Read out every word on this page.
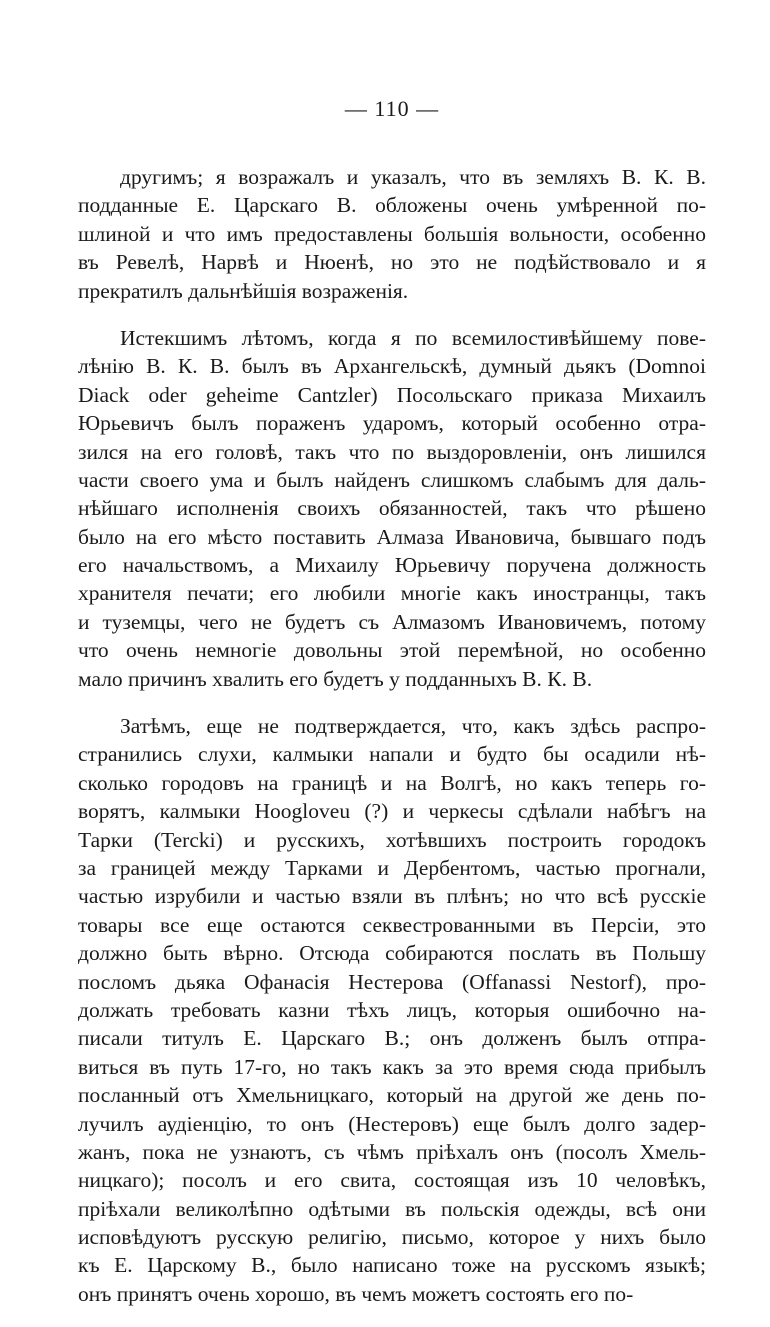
— 110 —
другимъ; я возражалъ и указалъ, что въ земляхъ В. К. В.
подданные Е. Царскаго В. обложены очень умѣренной по-
шлиной и что имъ предоставлены большія вольности, особенно
въ Ревелѣ, Нарвѣ и Нюенѣ, но это не подѣйствовало и я
прекратилъ дальнѣйшія возраженія.
Истекшимъ лѣтомъ, когда я по всемилостивѣйшему пове-
лѣнію В. К. В. былъ въ Архангельскѣ, думный дьякъ (Domnoi
Diack oder geheime Cantzler) Посольскаго приказа Михаилъ
Юрьевичъ былъ пораженъ ударомъ, который особенно отра-
зился на его головѣ, такъ что по выздоровленіи, онъ лишился
части своего ума и былъ найденъ слишкомъ слабымъ для даль-
нѣйшаго исполненія своихъ обязанностей, такъ что рѣшено
было на его мѣсто поставить Алмаза Ивановича, бывшаго подъ
его начальствомъ, а Михаилу Юрьевичу поручена должность
хранителя печати; его любили многіе какъ иностранцы, такъ
и туземцы, чего не будетъ съ Алмазомъ Ивановичемъ, потому
что очень немногіе довольны этой перемѣной, но особенно
мало причинъ хвалить его будетъ у подданныхъ В. К. В.
Затѣмъ, еще не подтверждается, что, какъ здѣсь распро-
странились слухи, калмыки напали и будто бы осадили нѣ-
сколько городовъ на границѣ и на Волгѣ, но какъ теперь го-
ворятъ, калмыки Hoogloveu (?) и черкесы сдѣлали набѣгъ на
Тарки (Tercki) и русскихъ, хотѣвшихъ построить городокъ
за границей между Тарками и Дербентомъ, частью прогнали,
частью изрубили и частью взяли въ плѣнъ; но что всѣ русскіе
товары все еще остаются секвестрованными въ Персіи, это
должно быть вѣрно. Отсюда собираются послать въ Польшу
посломъ дьяка Офанасія Нестерова (Offanassi Nestorf), про-
должать требовать казни тѣхъ лицъ, которыя ошибочно на-
писали титулъ Е. Царскаго В.; онъ долженъ былъ отпра-
виться въ путь 17-го, но такъ какъ за это время сюда прибылъ
посланный отъ Хмельницкаго, который на другой же день по-
лучилъ аудіенцію, то онъ (Нестеровъ) еще былъ долго задер-
жанъ, пока не узнаютъ, съ чѣмъ пріѣхалъ онъ (посолъ Хмель-
ницкаго); посолъ и его свита, состоящая изъ 10 человѣкъ,
пріѣхали великолѣпно одѣтыми въ польскія одежды, всѣ они
исповѣдуютъ русскую религію, письмо, которое у нихъ было
къ Е. Царскому В., было написано тоже на русскомъ языкѣ;
онъ принятъ очень хорошо, въ чемъ можетъ состоять его по-
